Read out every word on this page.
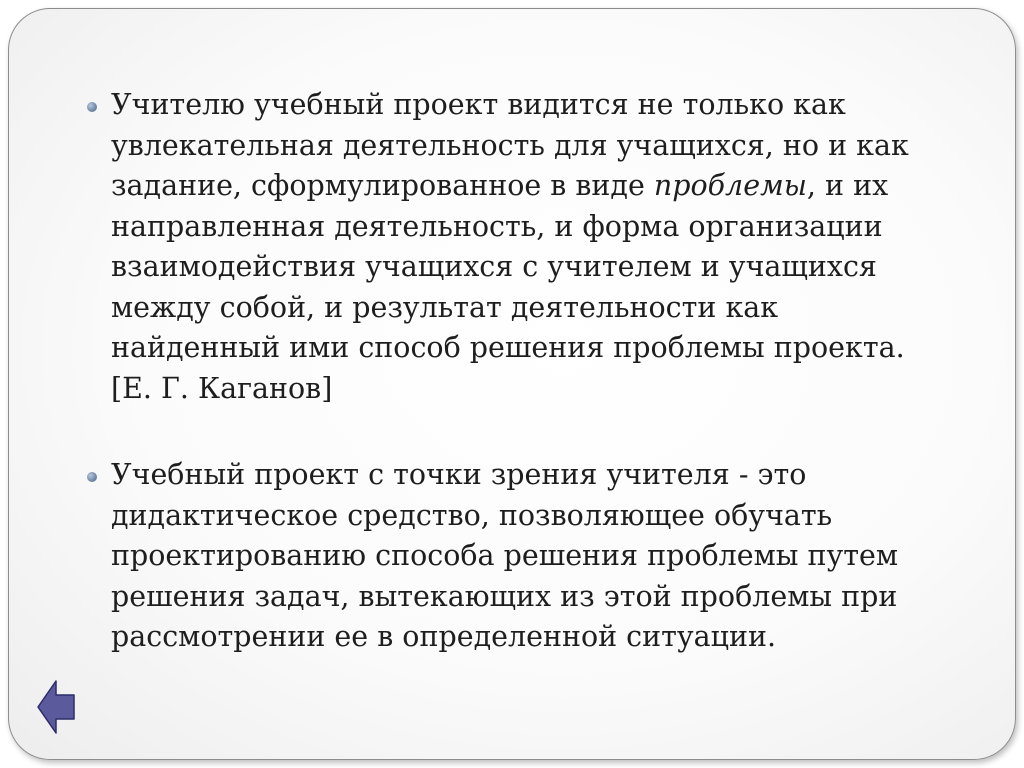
Учителю учебный проект видится не только как
увлекательная деятельность для учащихся, но и как
задание, сформулированное в виде проблемы, и их
направленная деятельность, и форма организации
взаимодействия учащихся с учителем и учащихся
между собой, и результат деятельности как
найденный ими способ решения проблемы проекта.
[Е. Г. Каганов]
Учебный проект с точки зрения учителя - это
дидактическое средство, позволяющее обучать
проектированию способа решения проблемы путем
решения задач, вытекающих из этой проблемы при
рассмотрении ее в определенной ситуации.
